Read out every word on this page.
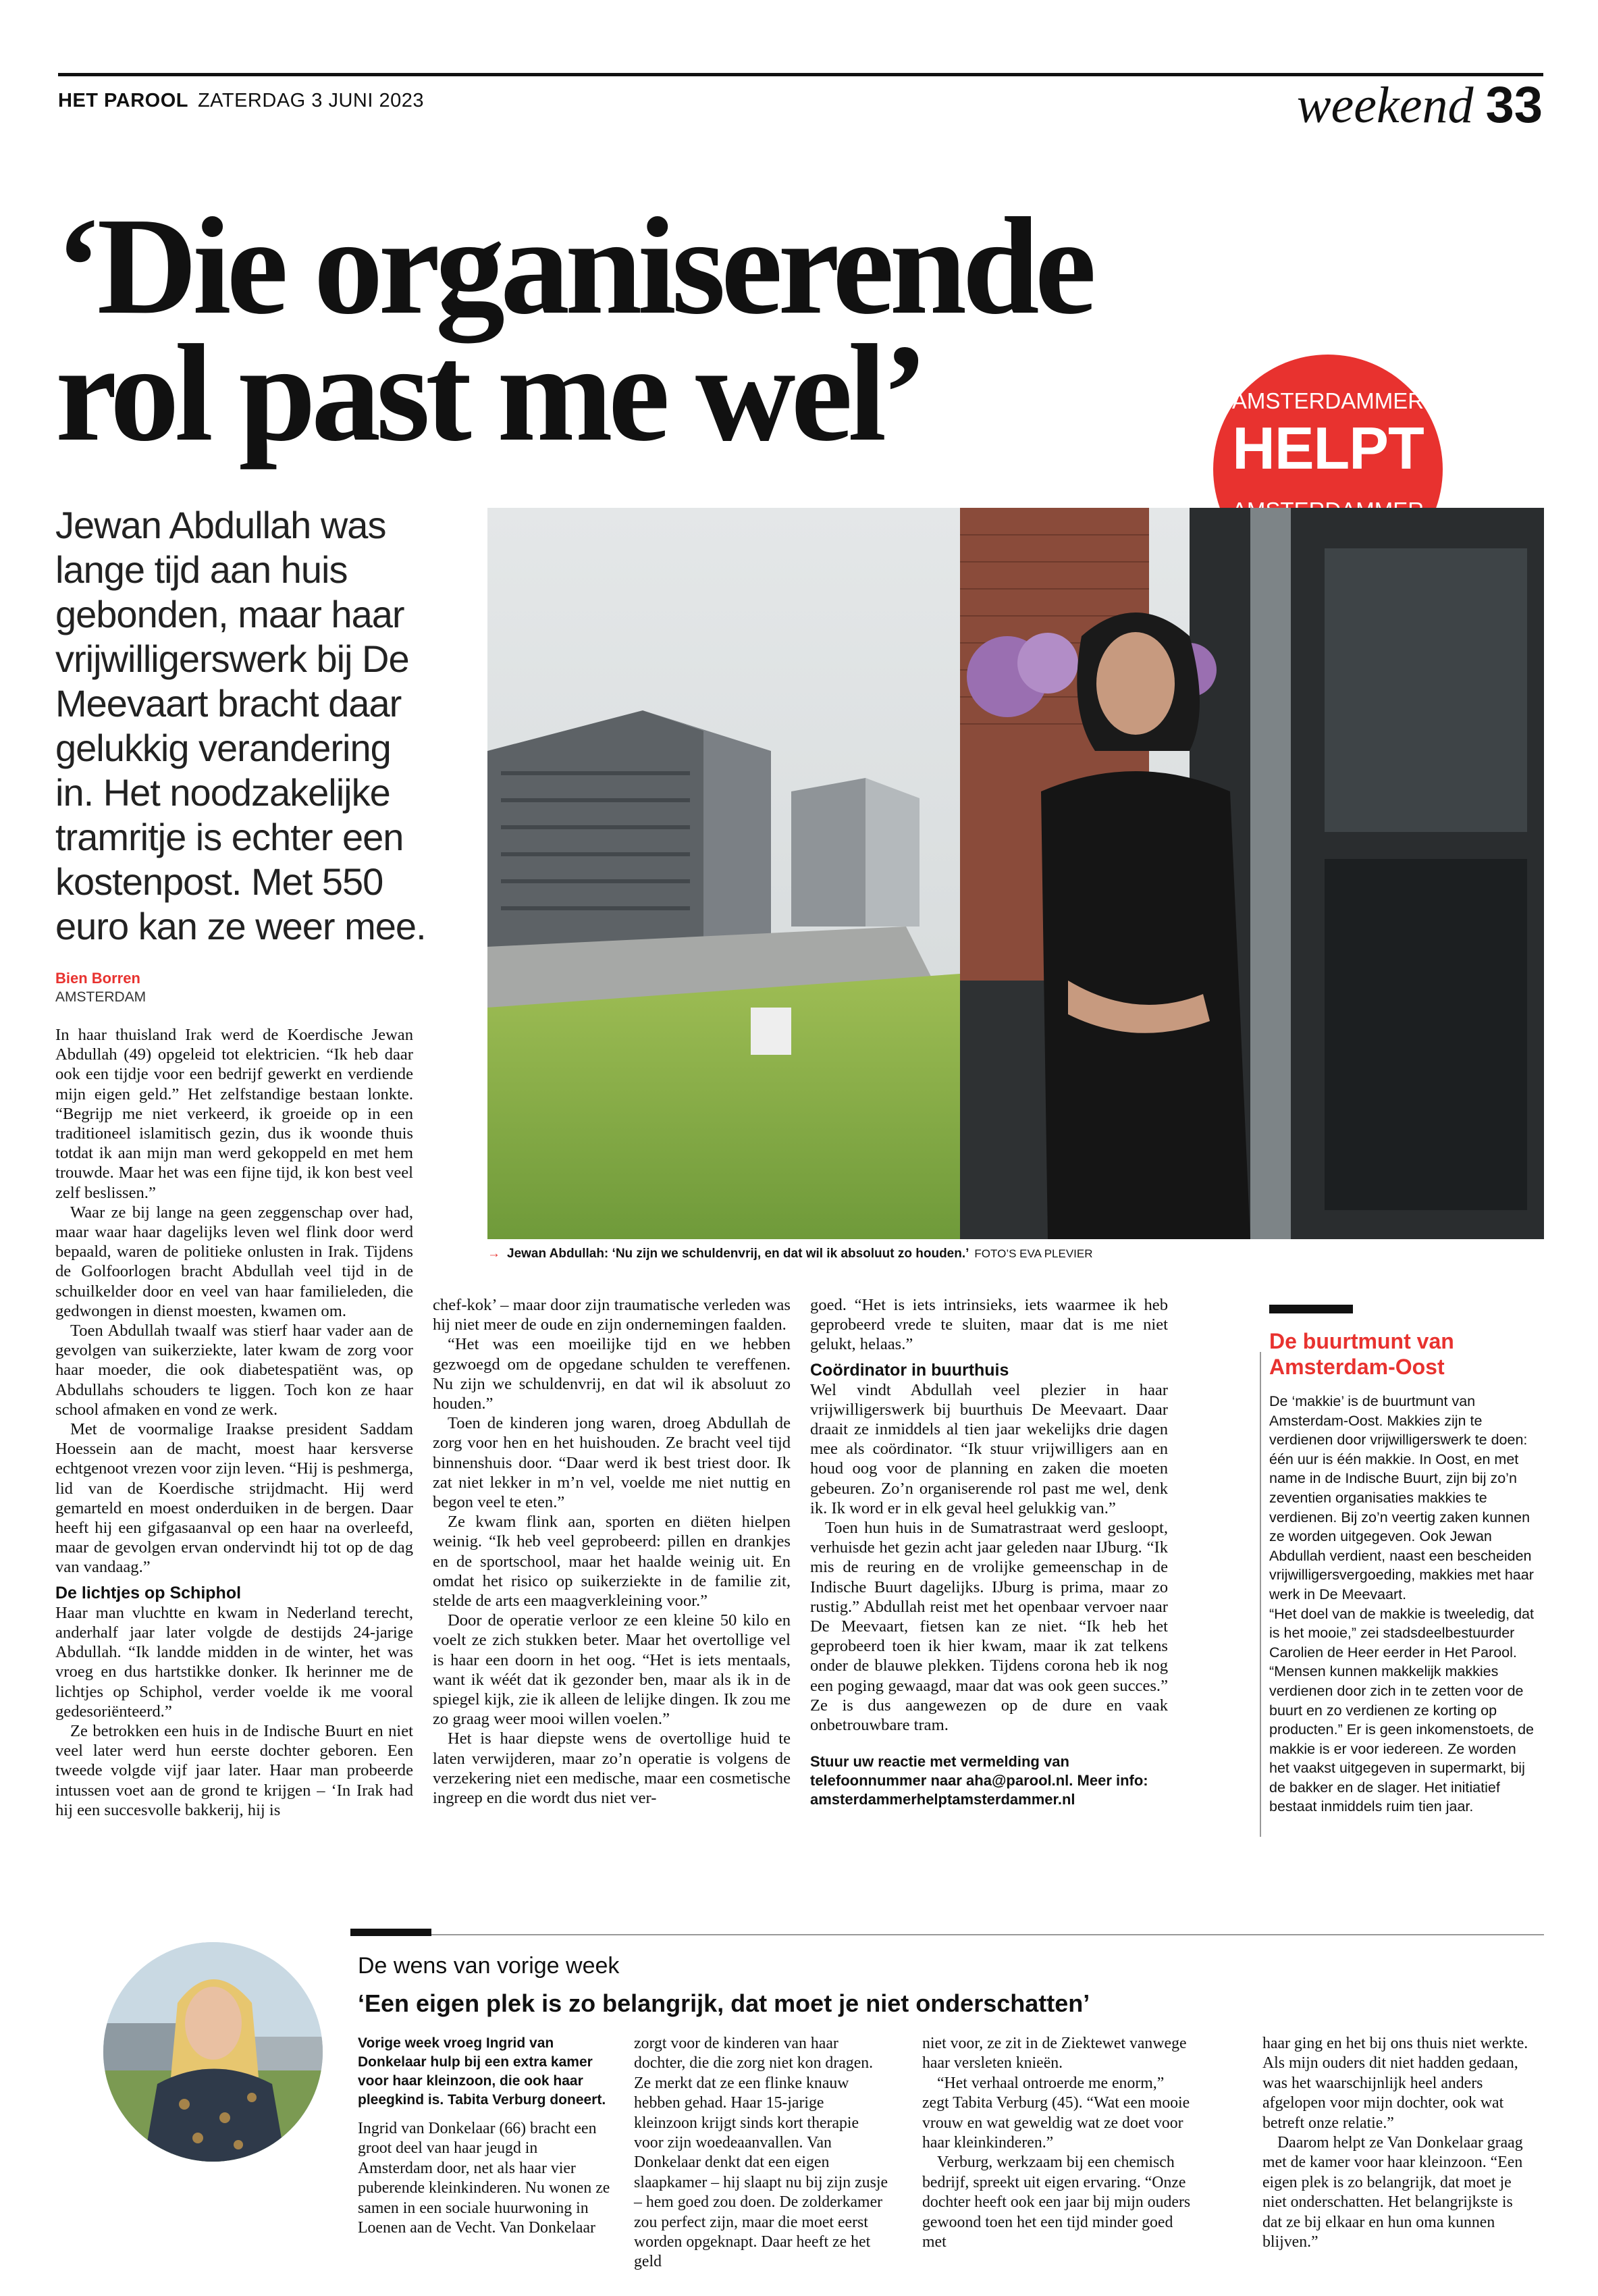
HET PAROOL ZATERDAG 3 JUNI 2023	weekend 33
‘Die organiserende
rol past me wel’	AMSTERDAMMER
HELPT

Jewan Abdullah was lange tijd aan huis gebonden, maar haar vrijwilligerswerk bij De Meevaart bracht daar gelukkig verandering in. Het noodzakelijke tramritje is echter een kostenpost. Met 550 euro kan ze weer mee.

Bien Borren
AMSTERDAM
→ Jewan Abdullah: ‘Nu zijn we schuldenvrij, en dat wil ik absoluut zo houden.’ FOTO’S EVA PLEVIER

In haar thuisland Irak werd de Koerdische Jewan Abdullah (49) opgeleid tot elektricien. “Ik heb daar ook een tijdje voor een bedrijf gewerkt en verdiende mijn eigen geld.” Het zelfstandige bestaan lonkte. “Begrijp me niet verkeerd, ik groeide op in een traditioneel islamitisch gezin, dus ik woonde thuis totdat ik aan mijn man werd gekoppeld en met hem trouwde. Maar het was een fijne tijd, ik kon best veel zelf beslissen.”

Waar ze bij lange na geen zeggenschap over had, maar waar haar dagelijks leven wel flink door werd bepaald, waren de politieke onlusten in Irak. Tijdens de Golfoorlogen bracht Abdullah veel tijd in de schuilkelder door en veel van haar familieleden, die gedwongen in dienst moesten, kwamen om.

Toen Abdullah twaalf was stierf haar vader aan de gevolgen van suikerziekte, later kwam de zorg voor haar moeder, die ook diabetespatiënt was, op Abdullahs schouders te liggen. Toch kon ze haar school afmaken en vond ze werk.

Met de voormalige Iraakse president Saddam Hoessein aan de macht, moest haar kersverse echtgenoot vrezen voor zijn leven. “Hij is peshmerga, lid van de Koerdische strijdmacht. Hij werd gemarteld en moest onderduiken in de bergen. Daar heeft hij een gifgasaanval op een haar na overleefd, maar de gevolgen ervan ondervindt hij tot op de dag van vandaag.”

De lichtjes op Schiphol

Haar man vluchtte en kwam in Nederland terecht, anderhalf jaar later volgde de destijds 24-jarige Abdullah. “Ik landde midden in de winter, het was vroeg en dus hartstikke donker. Ik herinner me de lichtjes op Schiphol, verder voelde ik me vooral gedesoriënteerd.”

Ze betrokken een huis in de Indische Buurt en niet veel later werd hun eerste dochter geboren. Een tweede volgde vijf jaar later. Haar man probeerde intussen voet aan de grond te krijgen – ‘In Irak had hij een succesvolle bakkerij, hij is

chef-kok’ – maar door zijn traumatische verleden was hij niet meer de oude en zijn ondernemingen faalden.

“Het was een moeilijke tijd en we hebben gezwoegd om de opgedane schulden te vereffenen. Nu zijn we schuldenvrij, en dat wil ik absoluut zo houden.”

Toen de kinderen jong waren, droeg Abdullah de zorg voor hen en het huishouden. Ze bracht veel tijd binnenshuis door. “Daar werd ik best triest door. Ik zat niet lekker in m’n vel, voelde me niet nuttig en begon veel te eten.”

Ze kwam flink aan, sporten en diëten hielpen weinig. “Ik heb veel geprobeerd: pillen en drankjes en de sportschool, maar het haalde weinig uit. En omdat het risico op suikerziekte in de familie zit, stelde de arts een maagverkleining voor.”

Door de operatie verloor ze een kleine 50 kilo en voelt ze zich stukken beter. Maar het overtollige vel is haar een doorn in het oog. “Het is iets mentaals, want ik wéét dat ik gezonder ben, maar als ik in de spiegel kijk, zie ik alleen de lelijke dingen. Ik zou me zo graag weer mooi willen voelen.”

Het is haar diepste wens de overtollige huid te laten verwijderen, maar zo’n operatie is volgens de verzekering niet een medische, maar een cosmetische ingreep en die wordt dus niet ver-

goed. “Het is iets intrinsieks, iets waarmee ik heb geprobeerd vrede te sluiten, maar dat is me niet gelukt, helaas.”

Coördinator in buurthuis

Wel vindt Abdullah veel plezier in haar vrijwilligerswerk bij buurthuis De Meevaart. Daar draait ze inmiddels al tien jaar wekelijks drie dagen mee als coördinator. “Ik stuur vrijwilligers aan en houd oog voor de planning en zaken die moeten gebeuren. Zo’n organiserende rol past me wel, denk ik. Ik word er in elk geval heel gelukkig van.”

Toen hun huis in de Sumatrastraat werd gesloopt, verhuisde het gezin acht jaar geleden naar IJburg. “Ik mis de reuring en de vrolijke gemeenschap in de Indische Buurt dagelijks. IJburg is prima, maar zo rustig.” Abdullah reist met het openbaar vervoer naar De Meevaart, fietsen kan ze niet. “Ik heb het geprobeerd toen ik hier kwam, maar ik zat telkens onder de blauwe plekken. Tijdens corona heb ik nog een poging gewaagd, maar dat was ook geen succes.” Ze is dus aangewezen op de dure en vaak onbetrouwbare tram.

Stuur uw reactie met vermelding van telefoonnummer naar aha@parool.nl. Meer info: amsterdammerhelptamsterdammer.nl

De buurtmunt van Amsterdam-Oost

De ‘makkie’ is de buurtmunt van Amsterdam-Oost. Makkies zijn te verdienen door vrijwilligerswerk te doen: één uur is één makkie. In Oost, en met name in de Indische Buurt, zijn bij zo’n zeventien organisaties makkies te verdienen. Bij zo’n veertig zaken kunnen ze worden uitgegeven. Ook Jewan Abdullah verdient, naast een bescheiden vrijwilligersvergoeding, makkies met haar werk in De Meevaart.

“Het doel van de makkie is tweeledig, dat is het mooie,” zei stadsdeelbestuurder Carolien de Heer eerder in Het Parool. “Mensen kunnen makkelijk makkies verdienen door zich in te zetten voor de buurt en zo verdienen ze korting op producten.” Er is geen inkomenstoets, de makkie is er voor iedereen. Ze worden het vaakst uitgegeven in supermarkt, bij de bakker en de slager. Het initiatief bestaat inmiddels ruim tien jaar.

De wens van vorige week
‘Een eigen plek is zo belangrijk, dat moet je niet onderschatten’

Vorige week vroeg Ingrid van Donkelaar hulp bij een extra kamer voor haar kleinzoon, die ook haar pleegkind is. Tabita Verburg doneert.

Ingrid van Donkelaar (66) bracht een groot deel van haar jeugd in Amsterdam door, net als haar vier puberende kleinkinderen. Nu wonen ze samen in een sociale huurwoning in Loenen aan de Vecht. Van Donkelaar

zorgt voor de kinderen van haar dochter, die die zorg niet kon dragen. Ze merkt dat ze een flinke knauw hebben gehad. Haar 15-jarige kleinzoon krijgt sinds kort therapie voor zijn woedeaanvallen. Van Donkelaar denkt dat een eigen slaapkamer – hij slaapt nu bij zijn zusje – hem goed zou doen. De zolderkamer zou perfect zijn, maar die moet eerst worden opgeknapt. Daar heeft ze het geld

niet voor, ze zit in de Ziektewet vanwege haar versleten knieën.

“Het verhaal ontroerde me enorm,” zegt Tabita Verburg (45). “Wat een mooie vrouw en wat geweldig wat ze doet voor haar kleinkinderen.”

Verburg, werkzaam bij een chemisch bedrijf, spreekt uit eigen ervaring. “Onze dochter heeft ook een jaar bij mijn ouders gewoond toen het een tijd minder goed met

haar ging en het bij ons thuis niet werkte. Als mijn ouders dit niet hadden gedaan, was het waarschijnlijk heel anders afgelopen voor mijn dochter, ook wat betreft onze relatie.”

Daarom helpt ze Van Donkelaar graag met de kamer voor haar kleinzoon. “Een eigen plek is zo belangrijk, dat moet je niet onderschatten. Het belangrijkste is dat ze bij elkaar en hun oma kunnen blijven.”
